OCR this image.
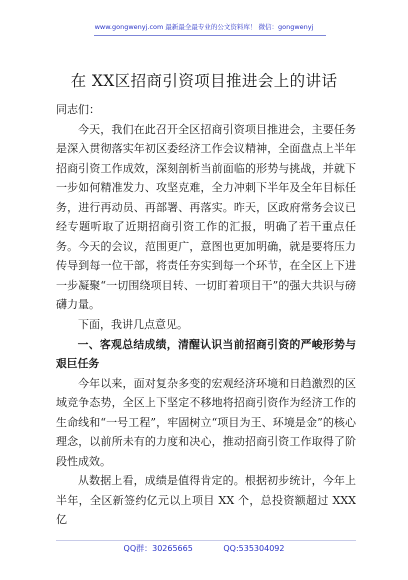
www.gongwenyj.com 最新最全最专业的公文资料库！ 微信：gongwenyj
在 XX区招商引资项目推进会上的讲话

同志们：

今天，我们在此召开全区招商引资项目推进会，主要任务是深入贯彻落实年初区委经济工作会议精神，全面盘点上半年招商引资工作成效，深刻剖析当前面临的形势与挑战，并就下一步如何精准发力、攻坚克难，全力冲刺下半年及全年目标任务，进行再动员、再部署、再落实。昨天，区政府常务会议已经专题听取了近期招商引资工作的汇报，明确了若干重点任务。今天的会议，范围更广，意图也更加明确，就是要将压力传导到每一位干部，将责任夯实到每一个环节，在全区上下进一步凝聚“一切围绕项目转、一切盯着项目干”的强大共识与磅礴力量。

下面，我讲几点意见。

一、客观总结成绩，清醒认识当前招商引资的严峻形势与艰巨任务

今年以来，面对复杂多变的宏观经济环境和日趋激烈的区域竞争态势，全区上下坚定不移地将招商引资作为经济工作的生命线和“一号工程”，牢固树立“项目为王、环境是金”的核心理念，以前所未有的力度和决心，推动招商引资工作取得了阶段性成效。

从数据上看，成绩是值得肯定的。根据初步统计，今年上半年，全区新签约亿元以上项目 XX 个，总投资额超过 XXX 亿

QQ群：30265665	QQ:535304092
